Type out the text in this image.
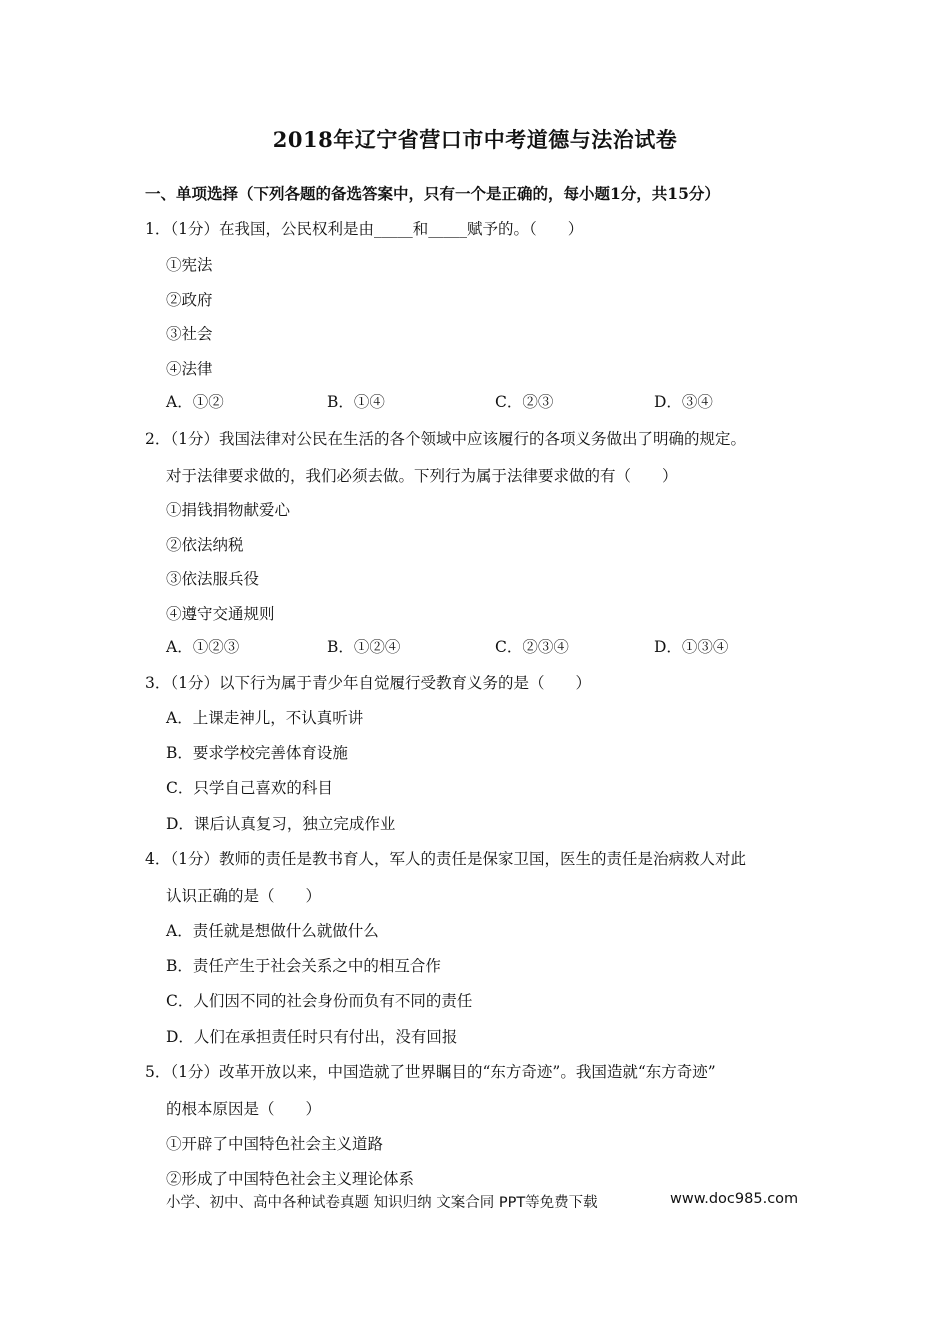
2018年辽宁省营口市中考道德与法治试卷
一、单项选择（下列各题的备选答案中，只有一个是正确的，每小题1分，共15分）
1．（1分）在我国，公民权利是由_____和_____赋予的。（　　）
①宪法
②政府
③社会
④法律
A．①②	B．①④	C．②③	D．③④
2．（1分）我国法律对公民在生活的各个领域中应该履行的各项义务做出了明确的规定。
对于法律要求做的，我们必须去做。下列行为属于法律要求做的有（　　）
①捐钱捐物献爱心
②依法纳税
③依法服兵役
④遵守交通规则
A．①②③	B．①②④	C．②③④	D．①③④
3．（1分）以下行为属于青少年自觉履行受教育义务的是（　　）
A．上课走神儿，不认真听讲
B．要求学校完善体育设施
C．只学自己喜欢的科目
D．课后认真复习，独立完成作业
4．（1分）教师的责任是教书育人，军人的责任是保家卫国，医生的责任是治病救人对此
认识正确的是（　　）
A．责任就是想做什么就做什么
B．责任产生于社会关系之中的相互合作
C．人们因不同的社会身份而负有不同的责任
D．人们在承担责任时只有付出，没有回报
5．（1分）改革开放以来，中国造就了世界瞩目的“东方奇迹”。我国造就“东方奇迹”
的根本原因是（　　）
①开辟了中国特色社会主义道路
②形成了中国特色社会主义理论体系
小学、初中、高中各种试卷真题 知识归纳 文案合同 PPT等免费下载	www.doc985.com
